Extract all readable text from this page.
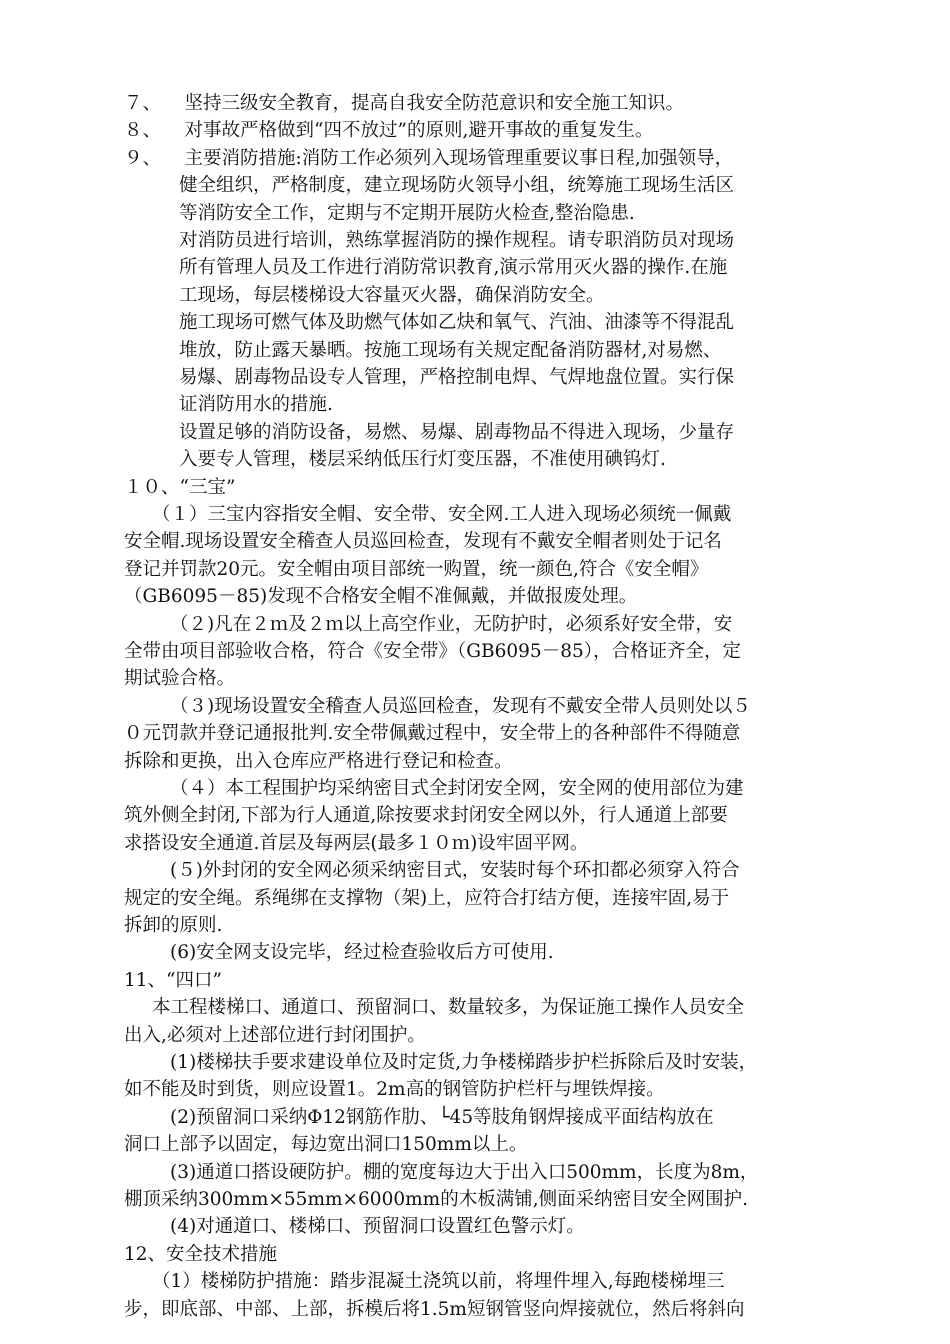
７、    坚持三级安全教育，提高自我安全防范意识和安全施工知识。
８、    对事故严格做到“四不放过”的原则,避开事故的重复发生。
９、    主要消防措施:消防工作必须列入现场管理重要议事日程,加强领导，
健全组织，严格制度，建立现场防火领导小组，统筹施工现场生活区
等消防安全工作，定期与不定期开展防火检查,整治隐患.
对消防员进行培训，熟练掌握消防的操作规程。请专职消防员对现场
所有管理人员及工作进行消防常识教育,演示常用灭火器的操作.在施
工现场，每层楼梯设大容量灭火器，确保消防安全。
施工现场可燃气体及助燃气体如乙炔和氧气、汽油、油漆等不得混乱
堆放，防止露天暴晒。按施工现场有关规定配备消防器材,对易燃、
易爆、剧毒物品设专人管理，严格控制电焊、气焊地盘位置。实行保
证消防用水的措施.
设置足够的消防设备，易燃、易爆、剧毒物品不得进入现场，少量存
入要专人管理，楼层采纳低压行灯变压器，不准使用碘钨灯.
１０、“三宝”
（１）三宝内容指安全帽、安全带、安全网.工人进入现场必须统一佩戴
安全帽.现场设置安全稽查人员巡回检查，发现有不戴安全帽者则处于记名
登记并罚款20元。安全帽由项目部统一购置，统一颜色,符合《安全帽》
（GB6095－85)发现不合格安全帽不准佩戴，并做报废处理。
（２)凡在２ｍ及２ｍ以上高空作业，无防护时，必须系好安全带，安
全带由项目部验收合格，符合《安全带》（GB6095－85），合格证齐全，定
期试验合格。
（３)现场设置安全稽查人员巡回检查，发现有不戴安全带人员则处以５
０元罚款并登记通报批判.安全带佩戴过程中，安全带上的各种部件不得随意
拆除和更换，出入仓库应严格进行登记和检查。
（４）本工程围护均采纳密目式全封闭安全网，安全网的使用部位为建
筑外侧全封闭,下部为行人通道,除按要求封闭安全网以外，行人通道上部要
求搭设安全通道.首层及每两层(最多１０ｍ)设牢固平网。
(５)外封闭的安全网必须采纳密目式，安装时每个环扣都必须穿入符合
规定的安全绳。系绳绑在支撑物（架)上，应符合打结方便，连接牢固,易于
拆卸的原则.
(6)安全网支设完毕，经过检查验收后方可使用.
11、“四口”
本工程楼梯口、通道口、预留洞口、数量较多，为保证施工操作人员安全
出入,必须对上述部位进行封闭围护。
(1)楼梯扶手要求建设单位及时定货,力争楼梯踏步护栏拆除后及时安装，
如不能及时到货，则应设置1。2m高的钢管防护栏杆与埋铁焊接。
(2)预留洞口采纳Φ12钢筋作肋、└45等肢角钢焊接成平面结构放在
洞口上部予以固定，每边宽出洞口150mm以上。
(3)通道口搭设硬防护。棚的宽度每边大于出入口500mm，长度为8m，
棚顶采纳300mm×55mm×6000mm的木板满铺,侧面采纳密目安全网围护.
(4)对通道口、楼梯口、预留洞口设置红色警示灯。
12、安全技术措施
（1）楼梯防护措施：踏步混凝土浇筑以前，将埋件埋入,每跑楼梯埋三
步，即底部、中部、上部，拆模后将1.5m短钢管竖向焊接就位，然后将斜向
